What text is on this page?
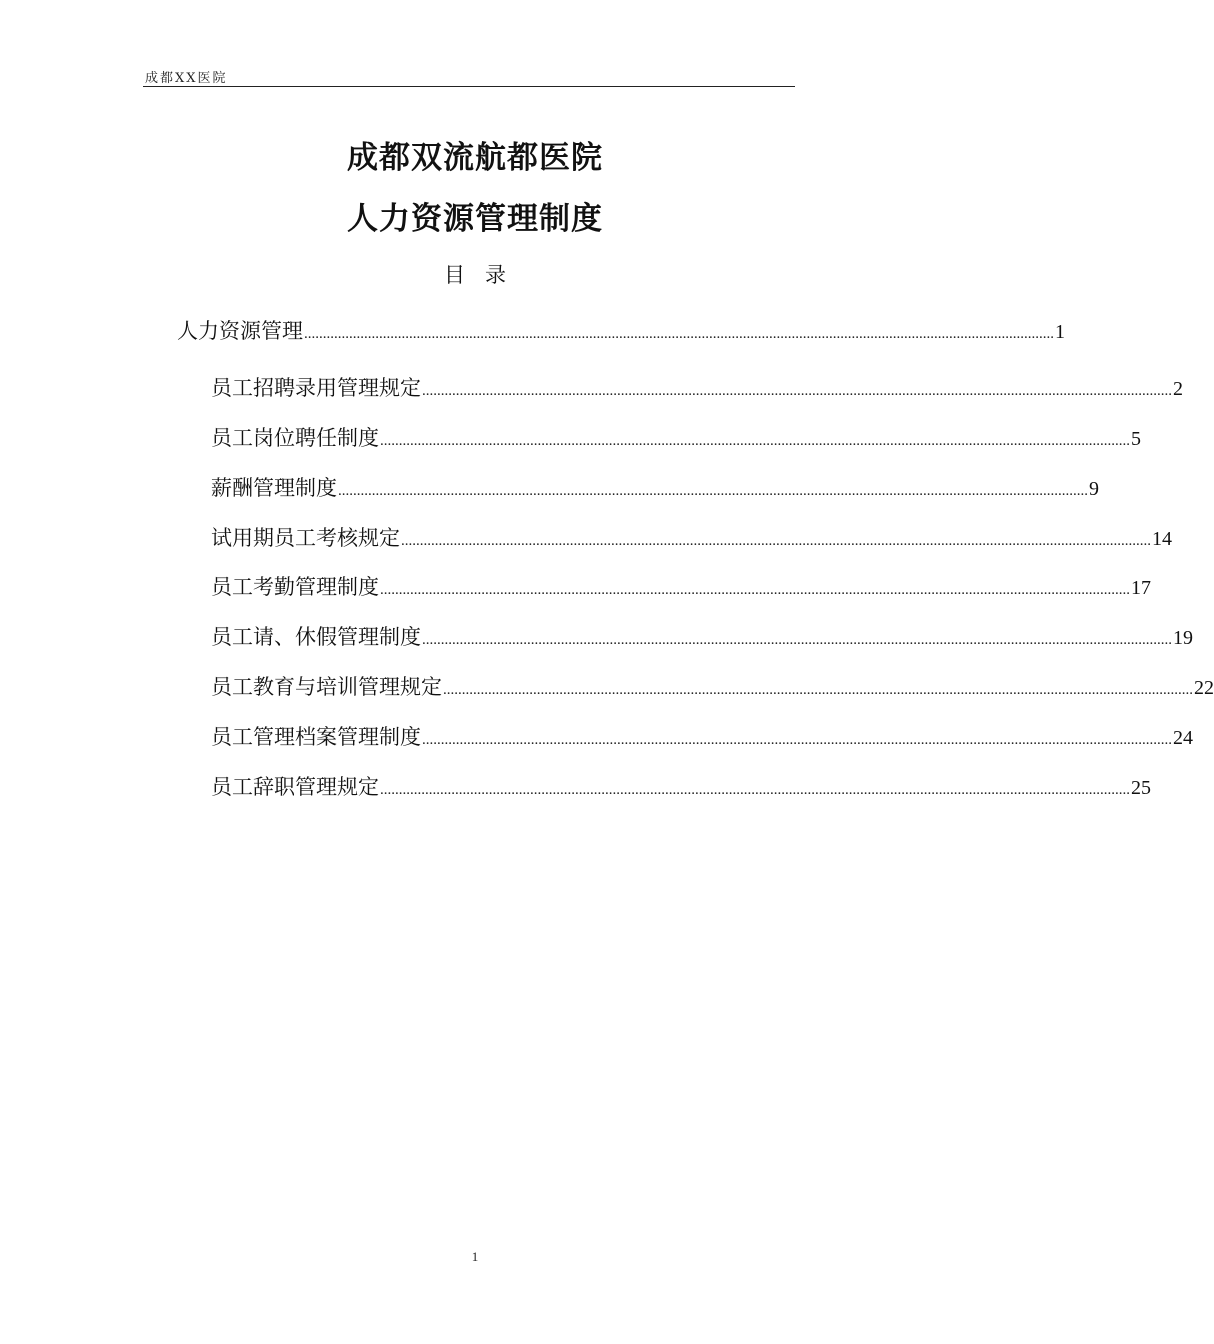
成都XX医院
成都双流航都医院
人力资源管理制度
目   录
人力资源管理 ........................................................................................................................................................................................................ 1
员工招聘录用管理规定 ........................................................................................................................................................................................................ 2
员工岗位聘任制度 ........................................................................................................................................................................................................ 5
薪酬管理制度 ........................................................................................................................................................................................................ 9
试用期员工考核规定 ........................................................................................................................................................................................................ 14
员工考勤管理制度 ........................................................................................................................................................................................................ 17
员工请、休假管理制度 ........................................................................................................................................................................................................ 19
员工教育与培训管理规定 ........................................................................................................................................................................................................ 22
员工管理档案管理制度 ........................................................................................................................................................................................................ 24
员工辞职管理规定 ........................................................................................................................................................................................................ 25
1
